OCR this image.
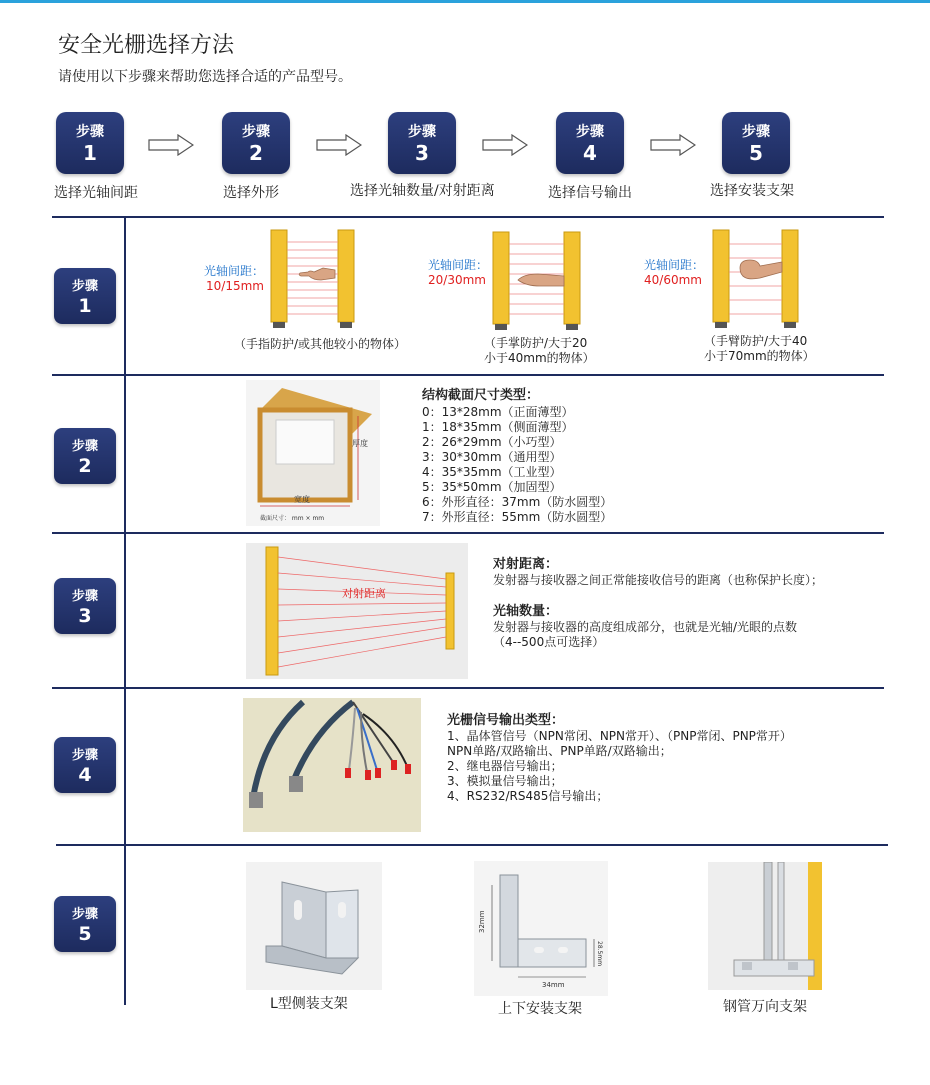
安全光栅选择方法
请使用以下步骤来帮助您选择合适的产品型号。
步骤
1
步骤
2
步骤
3
步骤
4
步骤
5
选择光轴间距	选择外形	选择光轴数量/对射距离	选择信号输出	选择安装支架
步骤
1
步骤
2
步骤
3
步骤
4
步骤
5
光轴间距：
10/15mm
（手指防护/或其他较小的物体）
光轴间距：
20/30mm
（手掌防护/大于20
小于40mm的物体）
光轴间距：
40/60mm
（手臂防护/大于40
小于70mm的物体）
厚度
宽度
截面尺寸： mm × mm
结构截面尺寸类型：
0：13*28mm（正面薄型）
1：18*35mm（侧面薄型）
2：26*29mm（小巧型）
3：30*30mm（通用型）
4：35*35mm（工业型）
5：35*50mm（加固型）
6：外形直径：37mm（防水圆型）
7：外形直径：55mm（防水圆型）
对射距离
对射距离：
发射器与接收器之间正常能接收信号的距离（也称保护长度）；
光轴数量：
发射器与接收器的高度组成部分，也就是光轴/光眼的点数
（4--500点可选择）
光栅信号输出类型：
1、晶体管信号（NPN常闭、NPN常开）、（PNP常闭、PNP常开）
NPN单路/双路输出、PNP单路/双路输出；
2、继电器信号输出；
3、模拟量信号输出；
4、RS232/RS485信号输出；
L型侧装支架
32mm
34mm
28.5mm
上下安装支架	钢管万向支架
